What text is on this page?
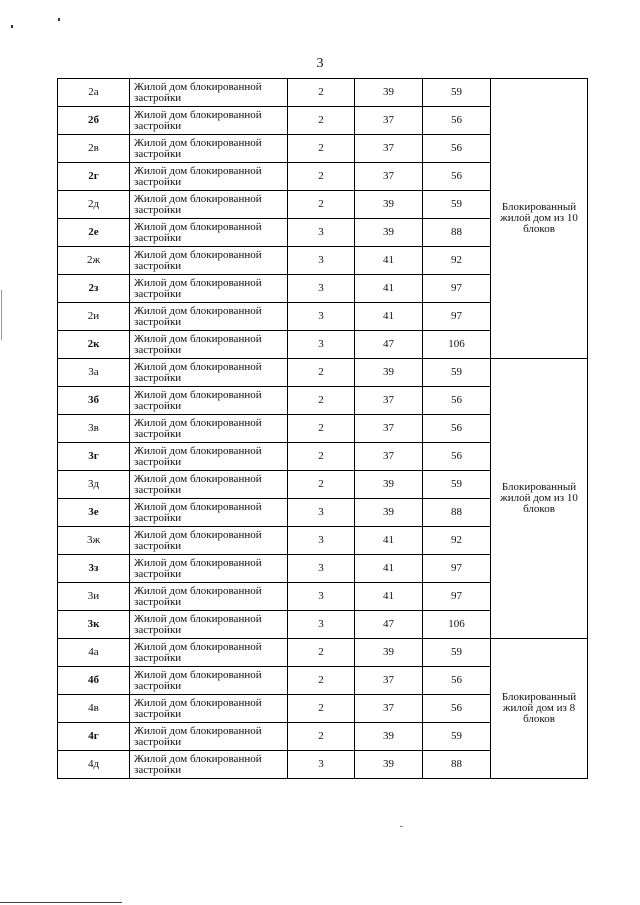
3
2а	Жилой дом блокированной застройки	2	39	59	Блокированный жилой дом из 10 блоков
2б	Жилой дом блокированной застройки	2	37	56	
2в	Жилой дом блокированной застройки	2	37	56	
2г	Жилой дом блокированной застройки	2	37	56	
2д	Жилой дом блокированной застройки	2	39	59	
2е	Жилой дом блокированной застройки	3	39	88	
2ж	Жилой дом блокированной застройки	3	41	92	
2з	Жилой дом блокированной застройки	3	41	97	
2и	Жилой дом блокированной застройки	3	41	97	
2к	Жилой дом блокированной застройки	3	47	106	
3а	Жилой дом блокированной застройки	2	39	59	Блокированный жилой дом из 10 блоков
3б	Жилой дом блокированной застройки	2	37	56	
3в	Жилой дом блокированной застройки	2	37	56	
3г	Жилой дом блокированной застройки	2	37	56	
3д	Жилой дом блокированной застройки	2	39	59	
3е	Жилой дом блокированной застройки	3	39	88	
3ж	Жилой дом блокированной застройки	3	41	92	
3з	Жилой дом блокированной застройки	3	41	97	
3и	Жилой дом блокированной застройки	3	41	97	
3к	Жилой дом блокированной застройки	3	47	106	
4а	Жилой дом блокированной застройки	2	39	59	Блокированный жилой дом из 8 блоков
4б	Жилой дом блокированной застройки	2	37	56	
4в	Жилой дом блокированной застройки	2	37	56	
4г	Жилой дом блокированной застройки	2	39	59	
4д	Жилой дом блокированной застройки	3	39	88	
